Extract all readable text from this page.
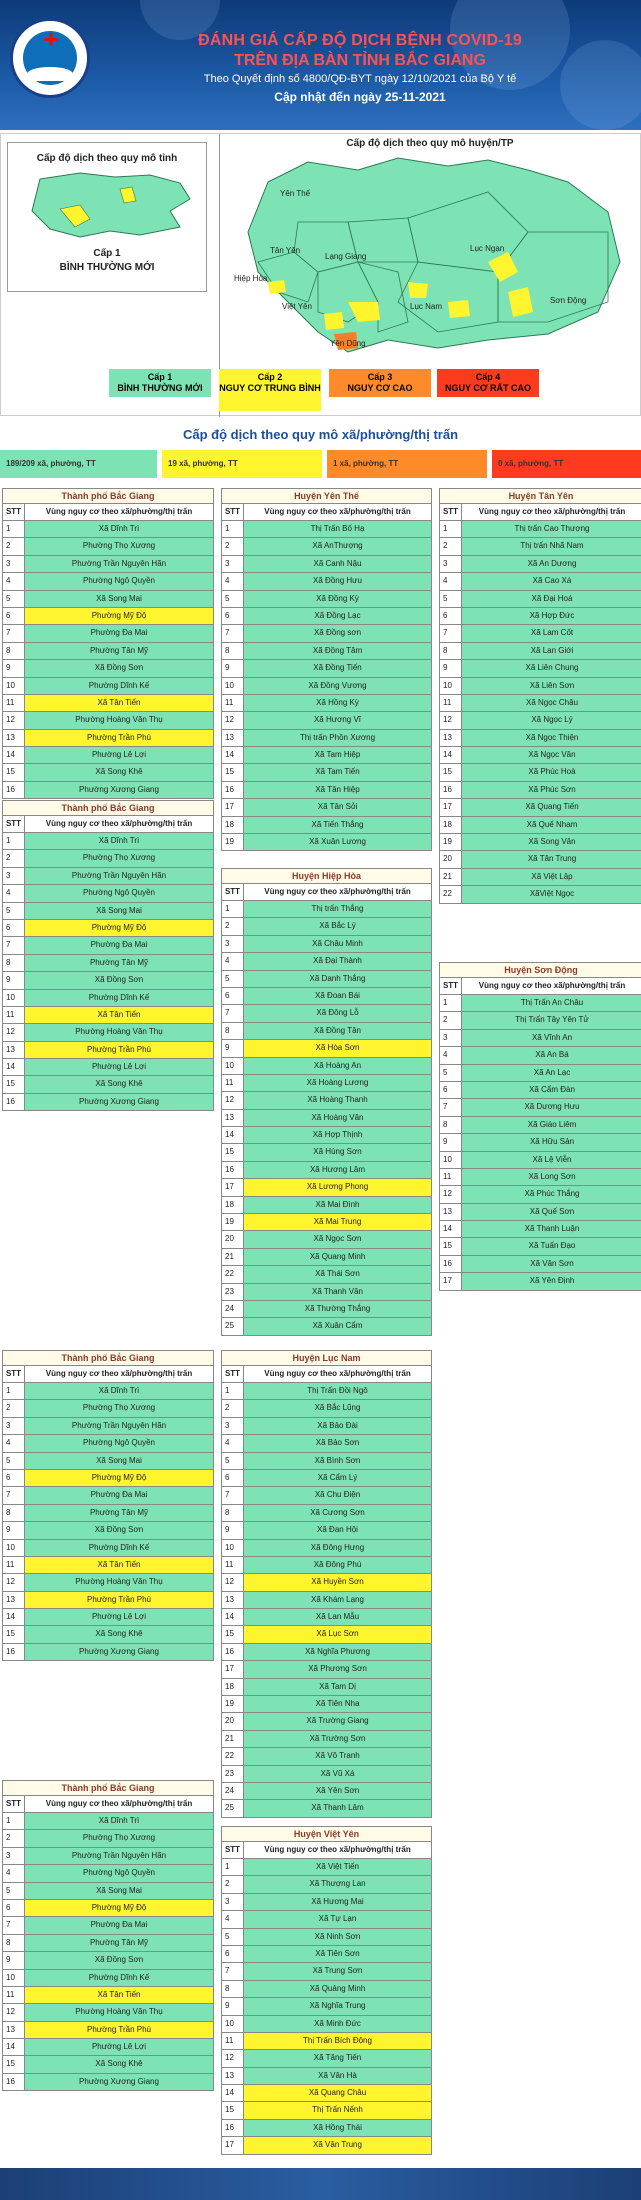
+	ĐÁNH GIÁ CẤP ĐỘ DỊCH BỆNH COVID-19
TRÊN ĐỊA BÀN TỈNH BẮC GIANG
Theo Quyết định số 4800/QĐ-BYT ngày 12/10/2021 của Bộ Y tế
Cập nhật đến ngày 25-11-2021
Cấp độ dịch theo quy mô tỉnh
Cấp 1
BÌNH THƯỜNG MỚI
Cấp độ dịch theo quy mô huyện/TP
Yên Thế
Tân Yên
Lạng Giang
Lục Ngạn
Hiệp Hòa
Lục Nam
Sơn Động
Việt Yên
Yên Dũng
Cấp 1
BÌNH THƯỜNG MỚI
Cấp 2
NGUY CƠ TRUNG BÌNH
Cấp 3
NGUY CƠ CAO
Cấp 4
NGUY CƠ RẤT CAO
Cấp độ dịch theo quy mô xã/phường/thị trấn
189/209 xã, phường, TT	19 xã, phường, TT	1 xã, phường, TT	0 xã, phường, TT
Thành phố Bắc Giang
STT	Vùng nguy cơ theo xã/phường/thị trấn
1	Xã Dĩnh Trì
2	Phường Thọ Xương
3	Phường Trần Nguyên Hãn
4	Phường Ngô Quyền
5	Xã Song Mai
6	Phường Mỹ Độ
7	Phường Đa Mai
8	Phường Tân Mỹ
9	Xã Đồng Sơn
10	Phường Dĩnh Kế
11	Xã Tân Tiến
12	Phường Hoàng Văn Thụ
13	Phường Trần Phú
14	Phường Lê Lợi
15	Xã Song Khê
16	Phường Xương Giang
Thành phố Bắc Giang
STT	Vùng nguy cơ theo xã/phường/thị trấn
1	Xã Dĩnh Trì
2	Phường Thọ Xương
3	Phường Trần Nguyên Hãn
4	Phường Ngô Quyền
5	Xã Song Mai
6	Phường Mỹ Độ
7	Phường Đa Mai
8	Phường Tân Mỹ
9	Xã Đồng Sơn
10	Phường Dĩnh Kế
11	Xã Tân Tiến
12	Phường Hoàng Văn Thụ
13	Phường Trần Phú
14	Phường Lê Lợi
15	Xã Song Khê
16	Phường Xương Giang
Thành phố Bắc Giang
STT	Vùng nguy cơ theo xã/phường/thị trấn
1	Xã Dĩnh Trì
2	Phường Thọ Xương
3	Phường Trần Nguyên Hãn
4	Phường Ngô Quyền
5	Xã Song Mai
6	Phường Mỹ Độ
7	Phường Đa Mai
8	Phường Tân Mỹ
9	Xã Đồng Sơn
10	Phường Dĩnh Kế
11	Xã Tân Tiến
12	Phường Hoàng Văn Thụ
13	Phường Trần Phú
14	Phường Lê Lợi
15	Xã Song Khê
16	Phường Xương Giang
Thành phố Bắc Giang
STT	Vùng nguy cơ theo xã/phường/thị trấn
1	Xã Dĩnh Trì
2	Phường Thọ Xương
3	Phường Trần Nguyên Hãn
4	Phường Ngô Quyền
5	Xã Song Mai
6	Phường Mỹ Độ
7	Phường Đa Mai
8	Phường Tân Mỹ
9	Xã Đồng Sơn
10	Phường Dĩnh Kế
11	Xã Tân Tiến
12	Phường Hoàng Văn Thụ
13	Phường Trần Phú
14	Phường Lê Lợi
15	Xã Song Khê
16	Phường Xương Giang
Huyện Yên Thế
STT	Vùng nguy cơ theo xã/phường/thị trấn
1	Thị Trấn Bố Hạ
2	Xã AnThượng
3	Xã Canh Nậu
4	Xã Đồng Hưu
5	Xã Đồng Kỳ
6	Xã Đồng Lạc
7	Xã Đồng sơn
8	Xã Đồng Tâm
9	Xã Đồng Tiến
10	Xã Đồng Vương
11	Xã Hồng Kỳ
12	Xã Hương Vĩ
13	Thị trấn Phồn Xương
14	Xã Tam Hiệp
15	Xã Tam Tiến
16	Xã Tân Hiệp
17	Xã Tân Sỏi
18	Xã Tiến Thắng
19	Xã Xuân Lương
Huyện Hiệp Hòa
STT	Vùng nguy cơ theo xã/phường/thị trấn
1	Thị trấn Thắng
2	Xã Bắc Lý
3	Xã Châu Minh
4	Xã Đại Thành
5	Xã Danh Thắng
6	Xã Đoan Bái
7	Xã Đông Lỗ
8	Xã Đồng Tân
9	Xã Hòa Sơn
10	Xã Hoàng An
11	Xã Hoàng Lương
12	Xã Hoàng Thanh
13	Xã Hoàng Vân
14	Xã Hợp Thịnh
15	Xã Hùng Sơn
16	Xã Hương Lâm
17	Xã Lương Phong
18	Xã Mai Đình
19	Xã Mai Trung
20	Xã Ngọc Sơn
21	Xã Quang Minh
22	Xã Thái Sơn
23	Xã Thanh Vân
24	Xã Thường Thắng
25	Xã Xuân Cẩm
Huyện Lục Nam
STT	Vùng nguy cơ theo xã/phường/thị trấn
1	Thị Trấn Đồi Ngô
2	Xã Bắc Lũng
3	Xã Bảo Đài
4	Xã Bảo Sơn
5	Xã Bình Sơn
6	Xã Cẩm Lý
7	Xã Chu Điện
8	Xã Cương Sơn
9	Xã Đan Hội
10	Xã Đông Hưng
11	Xã Đông Phú
12	Xã Huyền Sơn
13	Xã Khám Lạng
14	Xã Lan Mẫu
15	Xã Lục Sơn
16	Xã Nghĩa Phương
17	Xã Phương Sơn
18	Xã Tam Dị
19	Xã Tiên Nha
20	Xã Trường Giang
21	Xã Trường Sơn
22	Xã Vô Tranh
23	Xã Vũ Xá
24	Xã Yên Sơn
25	Xã Thanh Lâm
Huyện Việt Yên
STT	Vùng nguy cơ theo xã/phường/thị trấn
1	Xã Việt Tiến
2	Xã Thượng Lan
3	Xã Hương Mai
4	Xã Tự Lạn
5	Xã Ninh Sơn
6	Xã Tiên Sơn
7	Xã Trung Sơn
8	Xã Quảng Minh
9	Xã Nghĩa Trung
10	Xã Minh Đức
11	Thị Trấn Bích Động
12	Xã Tăng Tiến
13	Xã Vân Hà
14	Xã Quang Châu
15	Thị Trấn Nếnh
16	Xã Hồng Thái
17	Xã Vân Trung
Huyện Tân Yên
STT	Vùng nguy cơ theo xã/phường/thị trấn
1	Thị trấn Cao Thượng
2	Thị trấn Nhã Nam
3	Xã An Dương
4	Xã Cao Xá
5	Xã Đại Hoá
6	Xã Hợp Đức
7	Xã Lam Cốt
8	Xã Lan Giới
9	Xã Liên Chung
10	Xã Liên Sơn
11	Xã Ngọc Châu
12	Xã Ngọc Lý
13	Xã Ngọc Thiện
14	Xã Ngọc Vân
15	Xã Phúc Hoà
16	Xã Phúc Sơn
17	Xã Quang Tiến
18	Xã Quế Nham
19	Xã Song Vân
20	Xã Tân Trung
21	Xã Việt Lập
22	XãViệt Ngọc
Huyện Sơn Động
STT	Vùng nguy cơ theo xã/phường/thị trấn
1	Thị Trấn An Châu
2	Thị Trấn Tây Yên Tử
3	Xã Vĩnh An
4	Xã An Bá
5	Xã An Lạc
6	Xã Cẩm Đàn
7	Xã Dương Hưu
8	Xã Giáo Liêm
9	Xã Hữu Sản
10	Xã Lệ Viễn
11	Xã Long Sơn
12	Xã Phúc Thắng
13	Xã Quế Sơn
14	Xã Thanh Luận
15	Xã Tuấn Đạo
16	Xã Vân Sơn
17	Xã Yên Định
